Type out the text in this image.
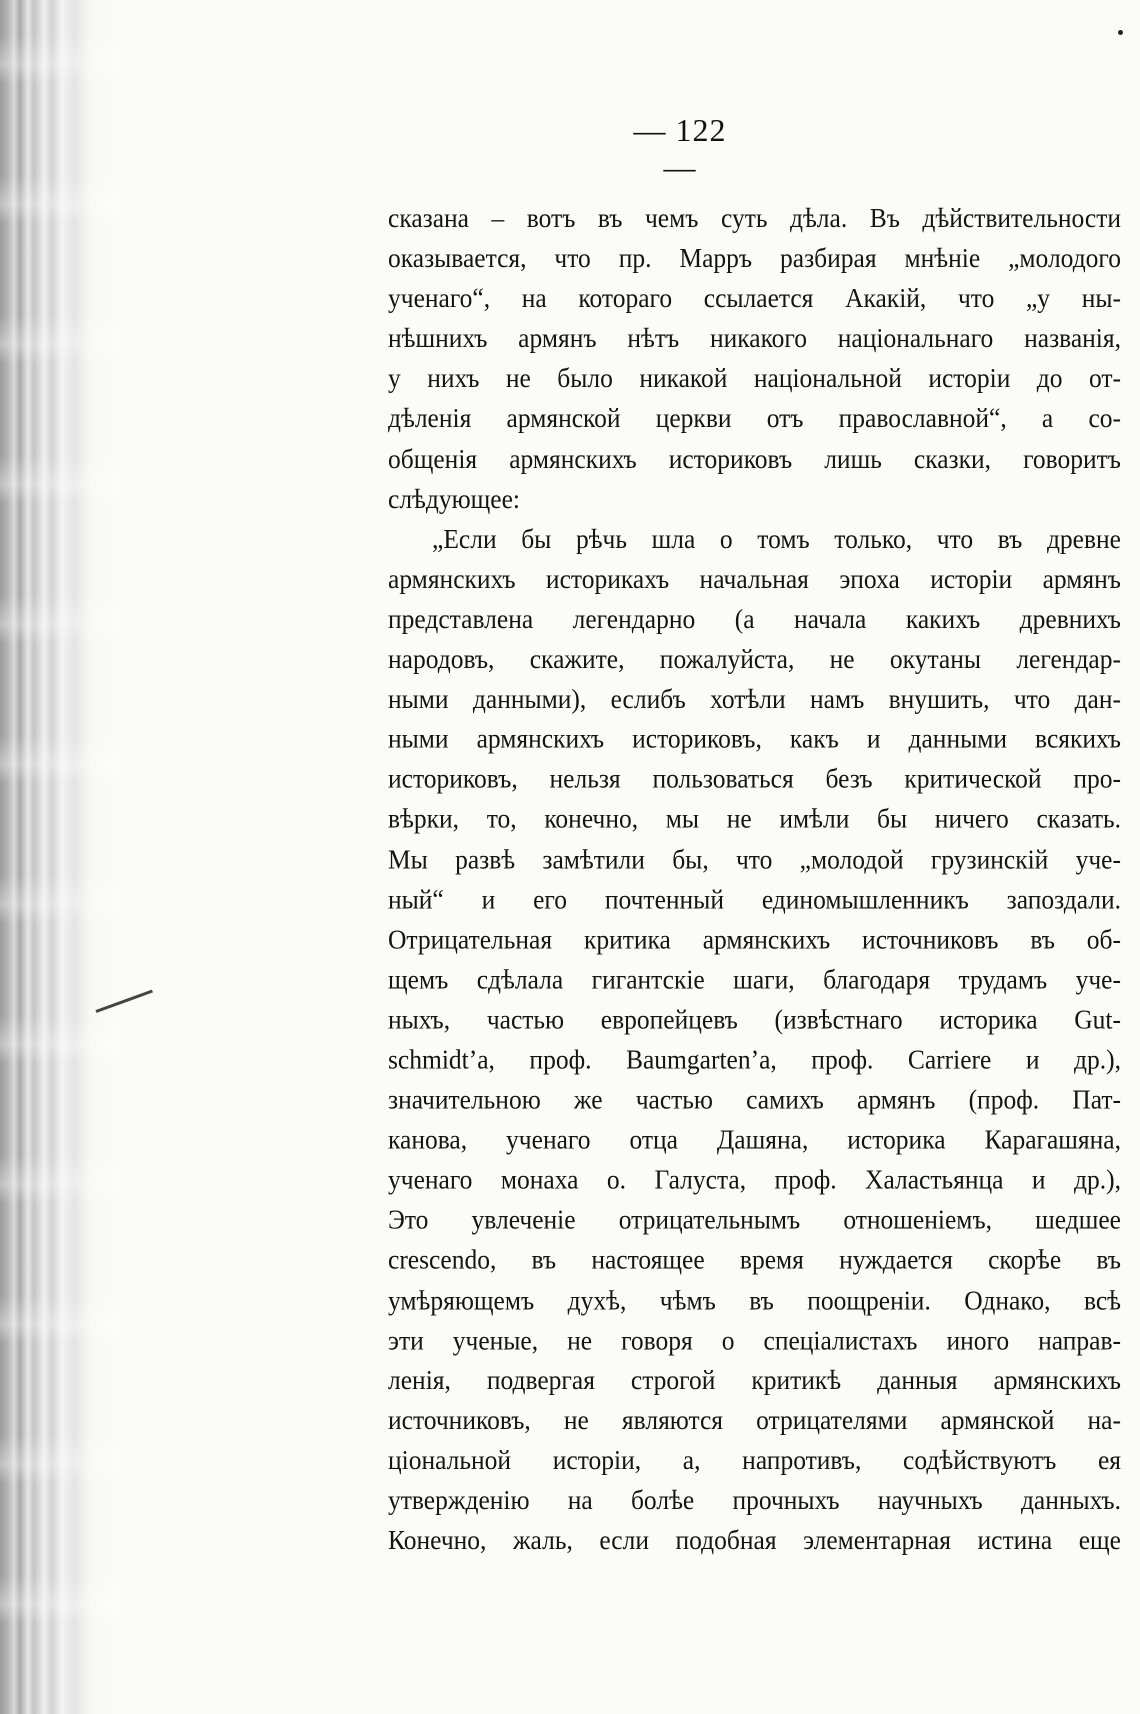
— 122 —
сказана – вотъ въ чемъ суть дѣла. Въ дѣйствительности
оказывается, что пр. Марръ разбирая мнѣніе „молодого
ученаго“, на котораго ссылается Акакій, что „у ны-
нѣшнихъ армянъ нѣтъ никакого національнаго названія,
у нихъ не было никакой національной исторіи до от-
дѣленія армянской церкви отъ православной“, а со-
общенія армянскихъ историковъ лишь сказки, говоритъ
слѣдующее:
„Если бы рѣчь шла о томъ только, что въ древне
армянскихъ историкахъ начальная эпоха исторіи армянъ
представлена легендарно (а начала какихъ древнихъ
народовъ, скажите, пожалуйста, не окутаны легендар-
ными данными), еслибъ хотѣли намъ внушить, что дан-
ными армянскихъ историковъ, какъ и данными всякихъ
историковъ, нельзя пользоваться безъ критической про-
вѣрки, то, конечно, мы не имѣли бы ничего сказать.
Мы развѣ замѣтили бы, что „молодой грузинскій уче-
ный“ и его почтенный единомышленникъ запоздали.
Отрицательная критика армянскихъ источниковъ въ об-
щемъ сдѣлала гигантскіе шаги, благодаря трудамъ уче-
ныхъ, частью европейцевъ (извѣстнаго историка Gut-
schmidt’a, проф. Baumgarten’a, проф. Carriere и др.),
значительною же частью самихъ армянъ (проф. Пат-
канова, ученаго отца Дашяна, историка Карагашяна,
ученаго монаха о. Галуста, проф. Халастьянца и др.),
Это увлеченіе отрицательнымъ отношеніемъ, шедшее
crescendo, въ настоящее время нуждается скорѣе въ
умѣряющемъ духѣ, чѣмъ въ поощреніи. Однако, всѣ
эти ученые, не говоря о спеціалистахъ иного направ-
ленія, подвергая строгой критикѣ данныя армянскихъ
источниковъ, не являются отрицателями армянской на-
ціональной исторіи, а, напротивъ, содѣйствуютъ ея
утвержденію на болѣе прочныхъ научныхъ данныхъ.
Конечно, жаль, если подобная элементарная истина еще
